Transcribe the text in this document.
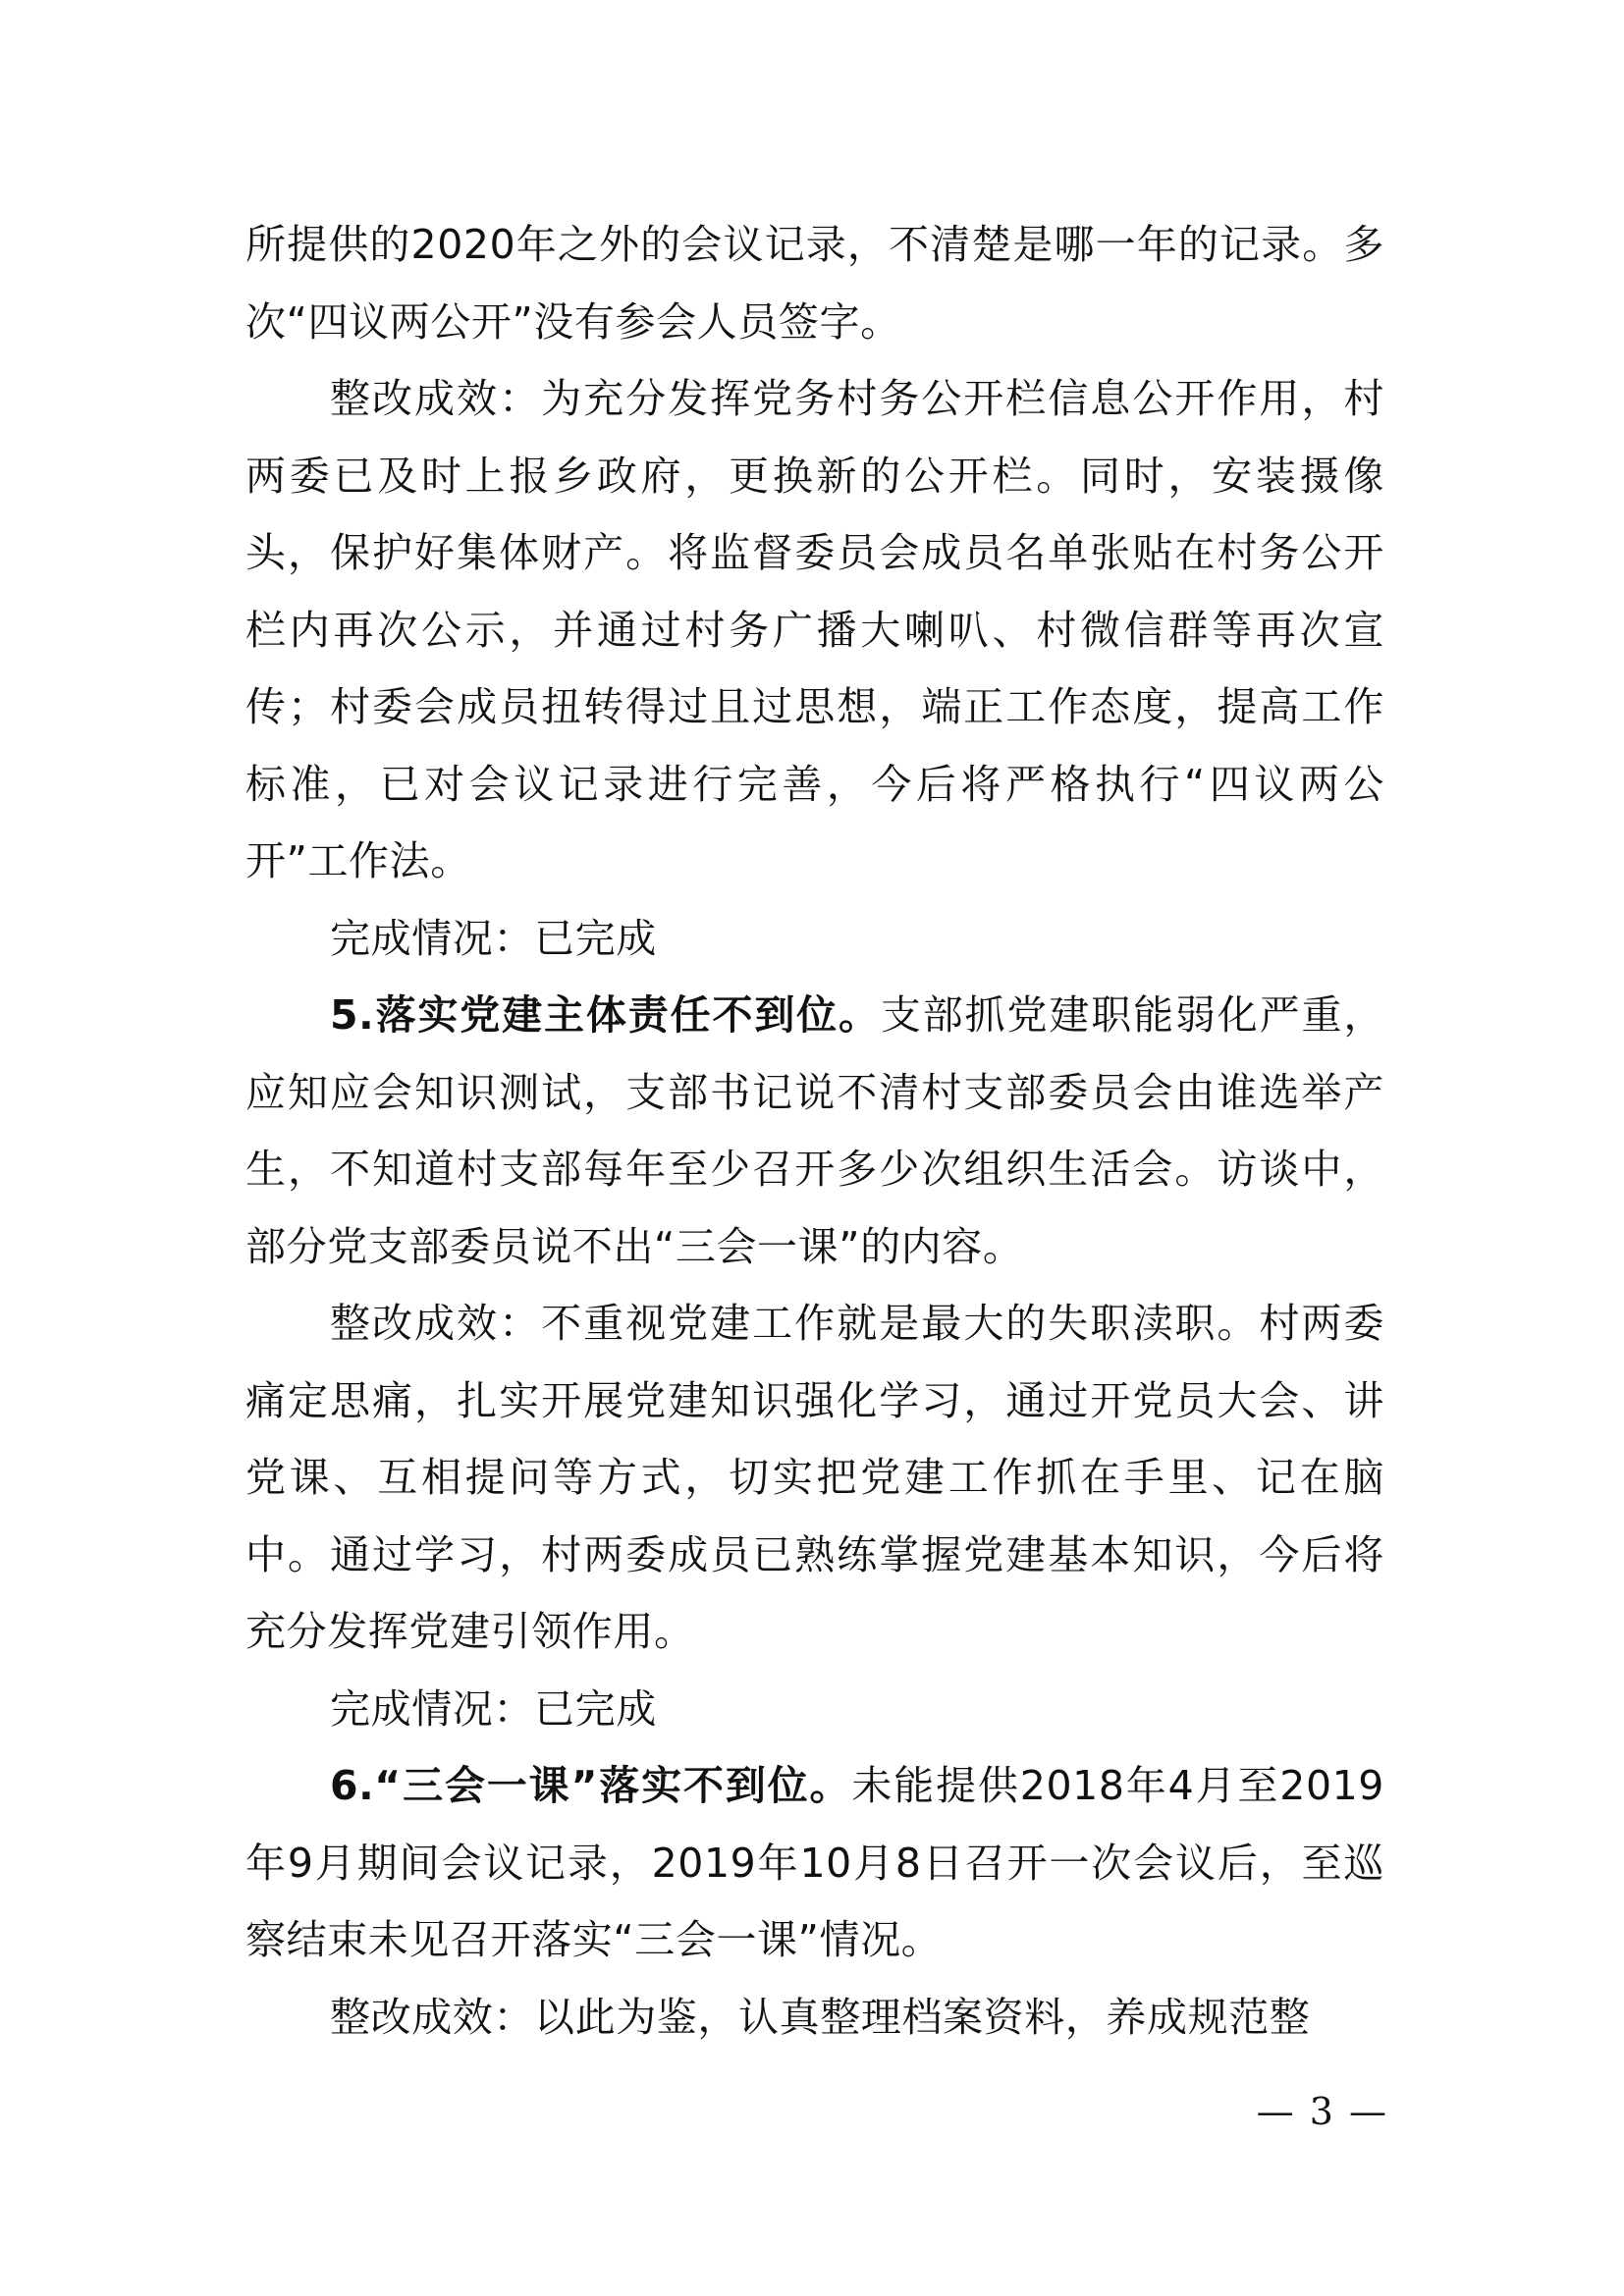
所提供的2020年之外的会议记录，不清楚是哪一年的记录。多次“四议两公开”没有参会人员签字。

整改成效：为充分发挥党务村务公开栏信息公开作用，村两委已及时上报乡政府，更换新的公开栏。同时，安装摄像头，保护好集体财产。将监督委员会成员名单张贴在村务公开栏内再次公示，并通过村务广播大喇叭、村微信群等再次宣传；村委会成员扭转得过且过思想，端正工作态度，提高工作标准，已对会议记录进行完善，今后将严格执行“四议两公开”工作法。

完成情况：已完成

5.落实党建主体责任不到位。支部抓党建职能弱化严重，应知应会知识测试，支部书记说不清村支部委员会由谁选举产生，不知道村支部每年至少召开多少次组织生活会。访谈中，部分党支部委员说不出“三会一课”的内容。

整改成效：不重视党建工作就是最大的失职渎职。村两委痛定思痛，扎实开展党建知识强化学习，通过开党员大会、讲党课、互相提问等方式，切实把党建工作抓在手里、记在脑中。通过学习，村两委成员已熟练掌握党建基本知识，今后将充分发挥党建引领作用。

完成情况：已完成

6.“三会一课”落实不到位。未能提供2018年4月至2019年9月期间会议记录，2019年10月8日召开一次会议后，至巡察结束未见召开落实“三会一课”情况。

整改成效：以此为鉴，认真整理档案资料，养成规范整

— 3 —
